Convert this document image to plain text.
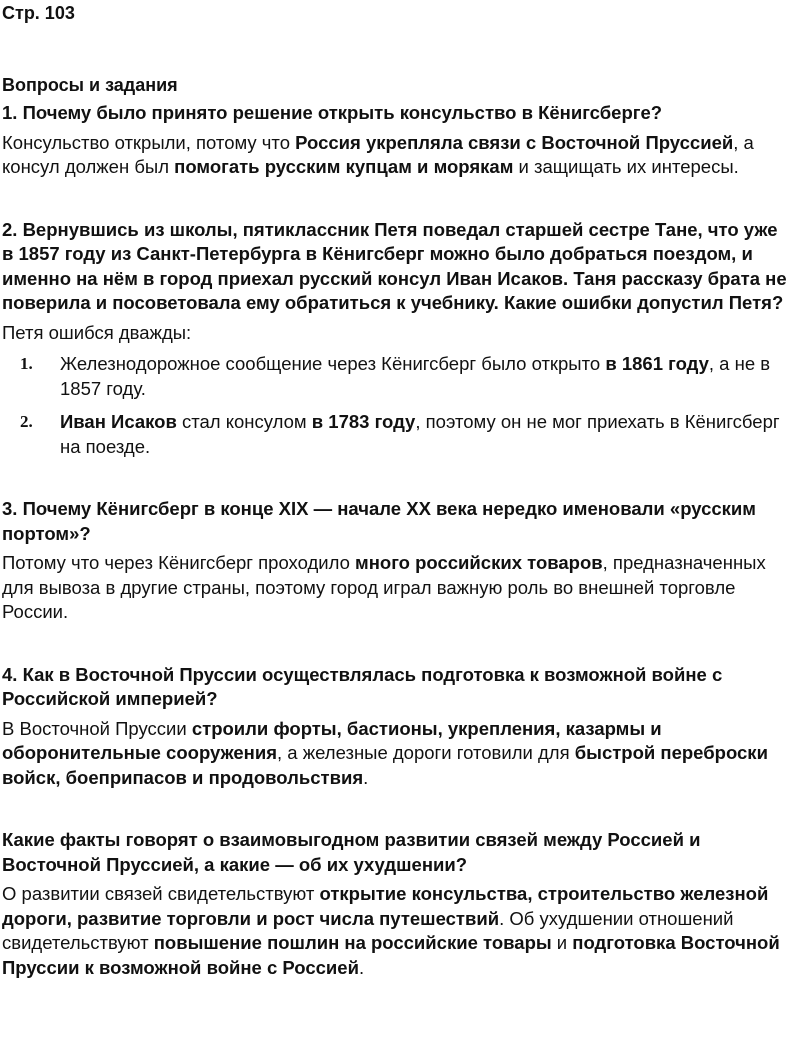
Стр. 103

Вопросы и задания

1. Почему было принято решение открыть консульство в Кёнигсберге?

Консульство открыли, потому что Россия укрепляла связи с Восточной Пруссией, а консул должен был помогать русским купцам и морякам и защищать их интересы.

2. Вернувшись из школы, пятиклассник Петя поведал старшей сестре Тане, что уже в 1857 году из Санкт-Петербурга в Кёнигсберг можно было добраться поездом, и именно на нём в город приехал русский консул Иван Исаков. Таня рассказу брата не поверила и посоветовала ему обратиться к учебнику. Какие ошибки допустил Петя?

Петя ошибся дважды:

1. Железнодорожное сообщение через Кёнигсберг было открыто в 1861 году, а не в 1857 году.
2. Иван Исаков стал консулом в 1783 году, поэтому он не мог приехать в Кёнигсберг на поезде.

3. Почему Кёнигсберг в конце XIX — начале XX века нередко именовали «русским портом»?

Потому что через Кёнигсберг проходило много российских товаров, предназначенных для вывоза в другие страны, поэтому город играл важную роль во внешней торговле России.

4. Как в Восточной Пруссии осуществлялась подготовка к возможной войне с Российской империей?

В Восточной Пруссии строили форты, бастионы, укрепления, казармы и оборонительные сооружения, а железные дороги готовили для быстрой переброски войск, боеприпасов и продовольствия.

Какие факты говорят о взаимовыгодном развитии связей между Россией и Восточной Пруссией, а какие — об их ухудшении?

О развитии связей свидетельствуют открытие консульства, строительство железной дороги, развитие торговли и рост числа путешествий. Об ухудшении отношений свидетельствуют повышение пошлин на российские товары и подготовка Восточной Пруссии к возможной войне с Россией.
